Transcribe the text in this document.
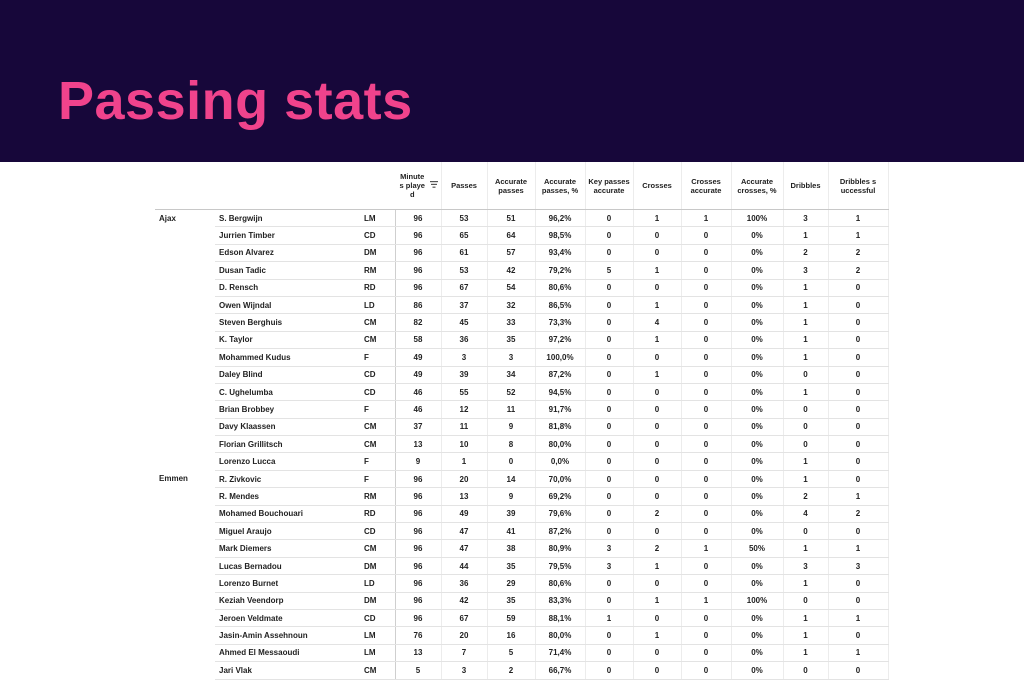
Passing stats
			Minute s playe d	Passes	Accurate passes	Accurate passes, %	Key passes accurate	Crosses	Crosses accurate	Accurate crosses, %	Dribbles	Dribbles s uccessful
Ajax	S. Bergwijn	LM	96	53	51	96,2%	0	1	1	100%	3	1
	Jurrien Timber	CD	96	65	64	98,5%	0	0	0	0%	1	1
	Edson Alvarez	DM	96	61	57	93,4%	0	0	0	0%	2	2
	Dusan Tadic	RM	96	53	42	79,2%	5	1	0	0%	3	2
	D. Rensch	RD	96	67	54	80,6%	0	0	0	0%	1	0
	Owen Wijndal	LD	86	37	32	86,5%	0	1	0	0%	1	0
	Steven Berghuis	CM	82	45	33	73,3%	0	4	0	0%	1	0
	K. Taylor	CM	58	36	35	97,2%	0	1	0	0%	1	0
	Mohammed Kudus	F	49	3	3	100,0%	0	0	0	0%	1	0
	Daley Blind	CD	49	39	34	87,2%	0	1	0	0%	0	0
	C. Ughelumba	CD	46	55	52	94,5%	0	0	0	0%	1	0
	Brian Brobbey	F	46	12	11	91,7%	0	0	0	0%	0	0
	Davy Klaassen	CM	37	11	9	81,8%	0	0	0	0%	0	0
	Florian Grillitsch	CM	13	10	8	80,0%	0	0	0	0%	0	0
	Lorenzo Lucca	F	9	1	0	0,0%	0	0	0	0%	1	0
Emmen	R. Zivkovic	F	96	20	14	70,0%	0	0	0	0%	1	0
	R. Mendes	RM	96	13	9	69,2%	0	0	0	0%	2	1
	Mohamed Bouchouari	RD	96	49	39	79,6%	0	2	0	0%	4	2
	Miguel Araujo	CD	96	47	41	87,2%	0	0	0	0%	0	0
	Mark Diemers	CM	96	47	38	80,9%	3	2	1	50%	1	1
	Lucas Bernadou	DM	96	44	35	79,5%	3	1	0	0%	3	3
	Lorenzo Burnet	LD	96	36	29	80,6%	0	0	0	0%	1	0
	Keziah Veendorp	DM	96	42	35	83,3%	0	1	1	100%	0	0
	Jeroen Veldmate	CD	96	67	59	88,1%	1	0	0	0%	1	1
	Jasin-Amin Assehnoun	LM	76	20	16	80,0%	0	1	0	0%	1	0
	Ahmed El Messaoudi	LM	13	7	5	71,4%	0	0	0	0%	1	1
	Jari Vlak	CM	5	3	2	66,7%	0	0	0	0%	0	0
